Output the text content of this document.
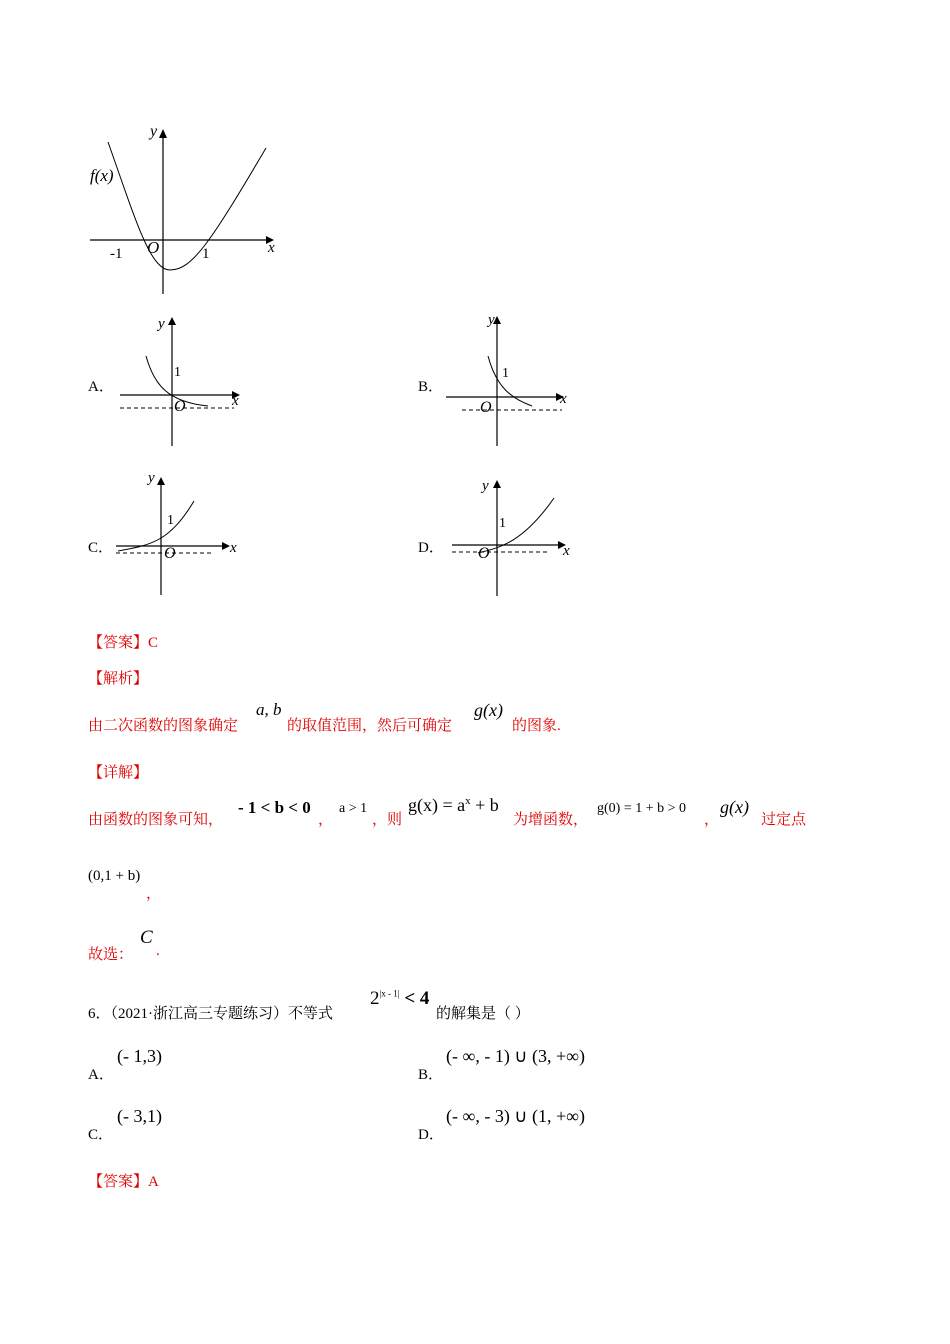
y
f(x)
x
-1 O	1
A．
y
x
1
O
B．
y
x
1
O
C．
y
x
1
O	D．
y
x
1
O
【答案】C
【解析】
由二次函数的图象确定
a, b
的取值范围，然后可确定
g(x)
的图象.
【详解】
由函数的图象可知，
- 1 < b < 0
，
a > 1
，则
$g(x) = a^x + b$
为增函数，
g(0) = 1 + b > 0
，
g(x)
过定点
(0,1 + b)
，
故选：
C
.
6．（2021·浙江高三专题练习）不等式
$2^{|x - 1|} < 4$
的解集是（ ）
A．
(- 1,3)
B．
(- ∞, - 1) ∪ (3, +∞)
C．
(- 3,1)
D．
(- ∞, - 3) ∪ (1, +∞)
【答案】A
